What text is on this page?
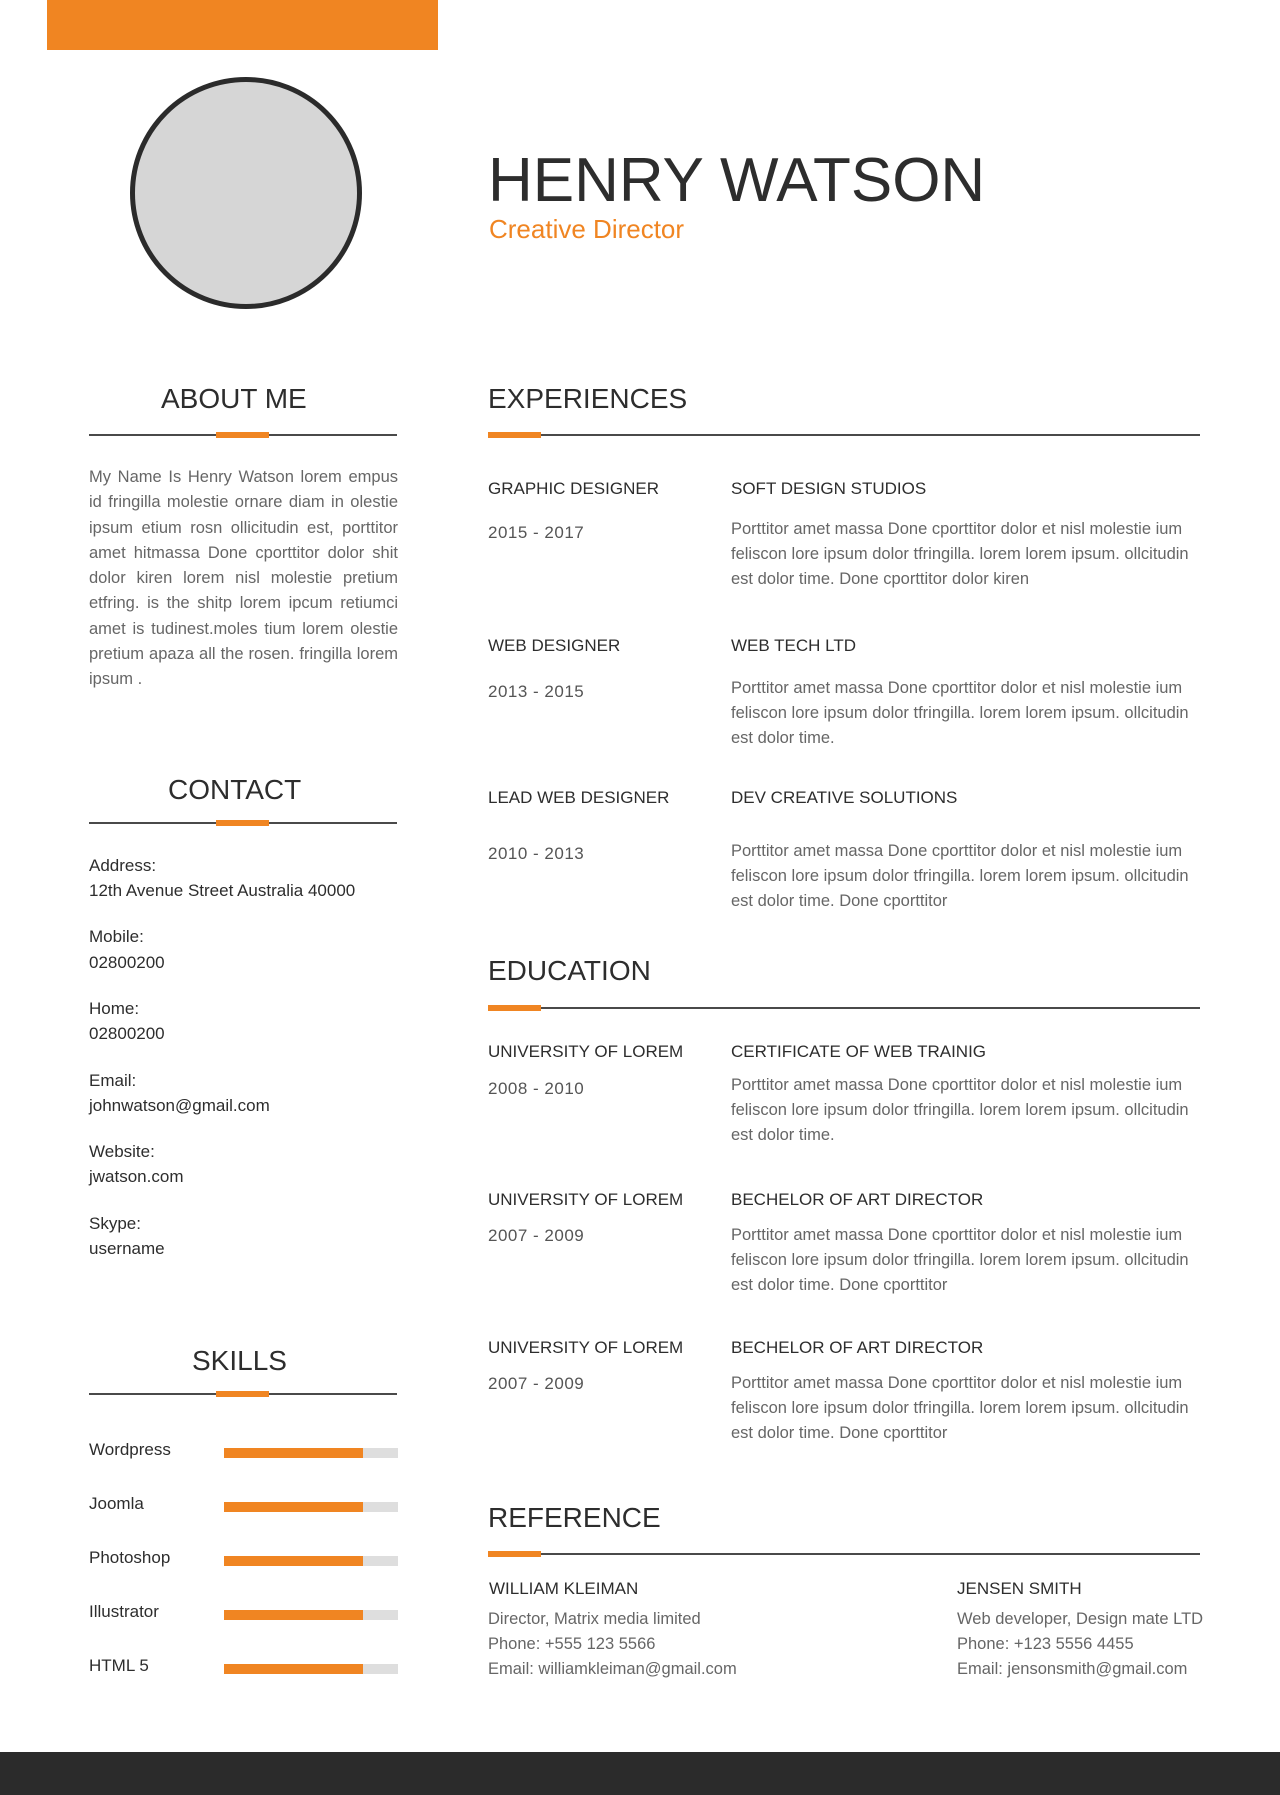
HENRY WATSON
Creative Director
ABOUT ME
My Name Is Henry Watson lorem empus id fringilla molestie ornare diam in olestie ipsum etium rosn ollicitudin est, porttitor amet hitmassa Done cporttitor dolor shit dolor kiren lorem nisl molestie pretium etfring. is the shitp lorem ipcum retiumci amet is tudinest.moles tium lorem olestie pretium apaza all the rosen. fringilla lorem ipsum .
CONTACT
Address:
12th Avenue Street Australia 40000
Mobile:
02800200
Home:
02800200
Email:
johnwatson@gmail.com
Website:
jwatson.com
Skype:
username
SKILLS
Wordpress
Joomla
Photoshop
Illustrator
HTML 5
EXPERIENCES
GRAPHIC DESIGNER
2015 - 2017
SOFT DESIGN STUDIOS
Porttitor amet massa Done cporttitor dolor et nisl molestie ium feliscon lore ipsum dolor tfringilla. lorem lorem ipsum. ollcitudin est dolor time. Done cporttitor dolor kiren
WEB DESIGNER
2013 - 2015
WEB TECH LTD
Porttitor amet massa Done cporttitor dolor et nisl molestie ium feliscon lore ipsum dolor tfringilla. lorem lorem ipsum. ollcitudin est dolor time.
LEAD WEB DESIGNER
2010 - 2013
DEV CREATIVE SOLUTIONS
Porttitor amet massa Done cporttitor dolor et nisl molestie ium feliscon lore ipsum dolor tfringilla. lorem lorem ipsum. ollcitudin est dolor time. Done cporttitor
EDUCATION
UNIVERSITY OF LOREM
2008 - 2010
CERTIFICATE OF WEB TRAINIG
Porttitor amet massa Done cporttitor dolor et nisl molestie ium feliscon lore ipsum dolor tfringilla. lorem lorem ipsum. ollcitudin est dolor time.
UNIVERSITY OF LOREM
2007 - 2009
BECHELOR OF ART DIRECTOR
Porttitor amet massa Done cporttitor dolor et nisl molestie ium feliscon lore ipsum dolor tfringilla. lorem lorem ipsum. ollcitudin est dolor time. Done cporttitor
UNIVERSITY OF LOREM
2007 - 2009
BECHELOR OF ART DIRECTOR
Porttitor amet massa Done cporttitor dolor et nisl molestie ium feliscon lore ipsum dolor tfringilla. lorem lorem ipsum. ollcitudin est dolor time. Done cporttitor
REFERENCE
WILLIAM KLEIMAN
Director, Matrix media limited
Phone: +555 123 5566
Email: williamkleiman@gmail.com
JENSEN SMITH
Web developer, Design mate LTD
Phone: +123 5556 4455
Email: jensonsmith@gmail.com
